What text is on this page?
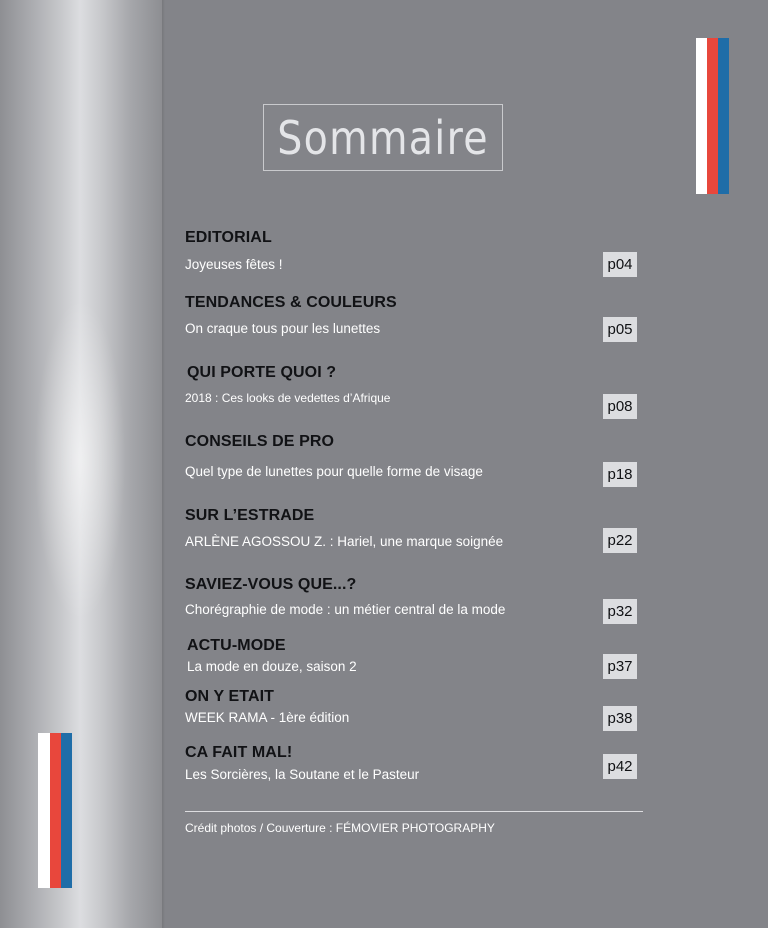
Sommaire
EDITORIAL
Joyeuses fêtes !	p04
TENDANCES & COULEURS
On craque tous pour les lunettes	p05
QUI PORTE QUOI ?
2018 : Ces looks de vedettes d’Afrique	p08
CONSEILS DE PRO
Quel type de lunettes pour quelle forme de visage	p18
SUR L’ESTRADE
ARLÈNE AGOSSOU Z. : Hariel, une marque soignée	p22
SAVIEZ-VOUS QUE...?
Chorégraphie de mode : un métier central de la mode	p32
ACTU-MODE
La mode en douze, saison 2	p37
ON Y ETAIT
WEEK RAMA - 1ère édition	p38
CA FAIT MAL!
Les Sorcières, la Soutane et le Pasteur	p42
Crédit photos / Couverture : FÉMOVIER PHOTOGRAPHY
